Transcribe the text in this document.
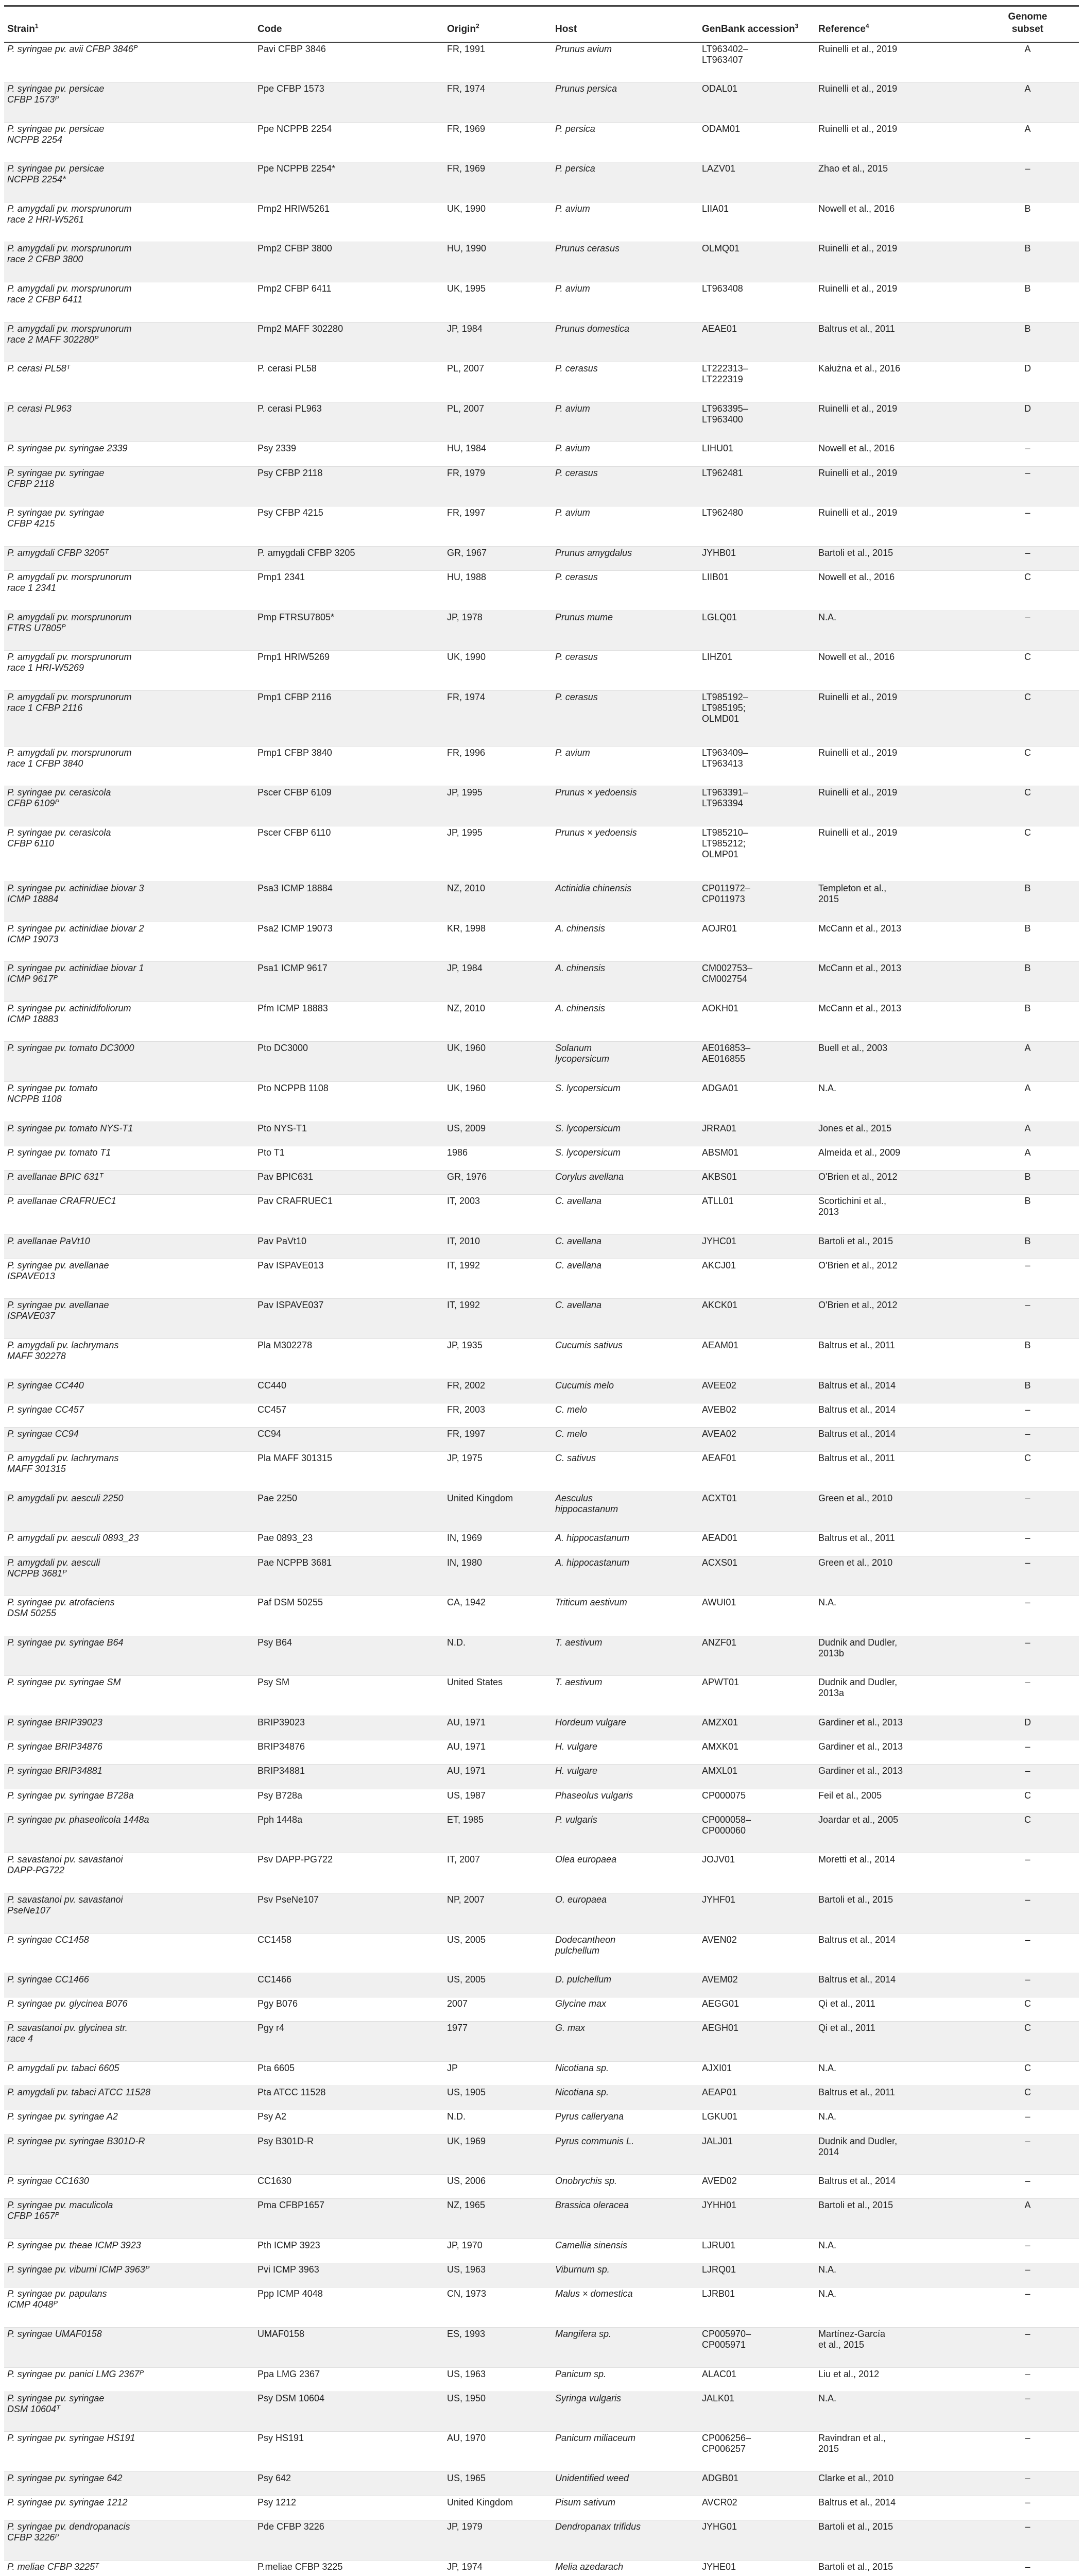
Strain$^1$	Code	Origin$^2$	Host	GenBank accession$^3$	Reference$^4$	Genome
subset
P. syringae pv. avii CFBP 3846ᴾ	Pavi CFBP 3846	FR, 1991	Prunus avium	LT963402–
LT963407	Ruinelli et al., 2019	A
P. syringae pv. persicae
CFBP 1573ᴾ	Ppe CFBP 1573	FR, 1974	Prunus persica	ODAL01	Ruinelli et al., 2019	A
P. syringae pv. persicae
NCPPB 2254	Ppe NCPPB 2254	FR, 1969	P. persica	ODAM01	Ruinelli et al., 2019	A
P. syringae pv. persicae
NCPPB 2254*	Ppe NCPPB 2254*	FR, 1969	P. persica	LAZV01	Zhao et al., 2015	–
P. amygdali pv. morsprunorum
race 2 HRI-W5261	Pmp2 HRIW5261	UK, 1990	P. avium	LIIA01	Nowell et al., 2016	B
P. amygdali pv. morsprunorum
race 2 CFBP 3800	Pmp2 CFBP 3800	HU, 1990	Prunus cerasus	OLMQ01	Ruinelli et al., 2019	B
P. amygdali pv. morsprunorum
race 2 CFBP 6411	Pmp2 CFBP 6411	UK, 1995	P. avium	LT963408	Ruinelli et al., 2019	B
P. amygdali pv. morsprunorum
race 2 MAFF 302280ᴾ	Pmp2 MAFF 302280	JP, 1984	Prunus domestica	AEAE01	Baltrus et al., 2011	B
P. cerasi PL58ᵀ	P. cerasi PL58	PL, 2007	P. cerasus	LT222313–
LT222319	Kałużna et al., 2016	D
P. cerasi PL963	P. cerasi PL963	PL, 2007	P. avium	LT963395–
LT963400	Ruinelli et al., 2019	D
P. syringae pv. syringae 2339	Psy 2339	HU, 1984	P. avium	LIHU01	Nowell et al., 2016	–
P. syringae pv. syringae
CFBP 2118	Psy CFBP 2118	FR, 1979	P. cerasus	LT962481	Ruinelli et al., 2019	–
P. syringae pv. syringae
CFBP 4215	Psy CFBP 4215	FR, 1997	P. avium	LT962480	Ruinelli et al., 2019	–
P. amygdali CFBP 3205ᵀ	P. amygdali CFBP 3205	GR, 1967	Prunus amygdalus	JYHB01	Bartoli et al., 2015	–
P. amygdali pv. morsprunorum
race 1 2341	Pmp1 2341	HU, 1988	P. cerasus	LIIB01	Nowell et al., 2016	C
P. amygdali pv. morsprunorum
FTRS U7805ᴾ	Pmp FTRSU7805*	JP, 1978	Prunus mume	LGLQ01	N.A.	–
P. amygdali pv. morsprunorum
race 1 HRI-W5269	Pmp1 HRIW5269	UK, 1990	P. cerasus	LIHZ01	Nowell et al., 2016	C
P. amygdali pv. morsprunorum
race 1 CFBP 2116	Pmp1 CFBP 2116	FR, 1974	P. cerasus	LT985192–
LT985195;
OLMD01	Ruinelli et al., 2019	C
P. amygdali pv. morsprunorum
race 1 CFBP 3840	Pmp1 CFBP 3840	FR, 1996	P. avium	LT963409–
LT963413	Ruinelli et al., 2019	C
P. syringae pv. cerasicola
CFBP 6109ᴾ	Pscer CFBP 6109	JP, 1995	Prunus × yedoensis	LT963391–
LT963394	Ruinelli et al., 2019	C
P. syringae pv. cerasicola
CFBP 6110	Pscer CFBP 6110	JP, 1995	Prunus × yedoensis	LT985210–
LT985212;
OLMP01	Ruinelli et al., 2019	C
P. syringae pv. actinidiae biovar 3
ICMP 18884	Psa3 ICMP 18884	NZ, 2010	Actinidia chinensis	CP011972–
CP011973	Templeton et al.,
2015	B
P. syringae pv. actinidiae biovar 2
ICMP 19073	Psa2 ICMP 19073	KR, 1998	A. chinensis	AOJR01	McCann et al., 2013	B
P. syringae pv. actinidiae biovar 1
ICMP 9617ᴾ	Psa1 ICMP 9617	JP, 1984	A. chinensis	CM002753–
CM002754	McCann et al., 2013	B
P. syringae pv. actinidifoliorum
ICMP 18883	Pfm ICMP 18883	NZ, 2010	A. chinensis	AOKH01	McCann et al., 2013	B
P. syringae pv. tomato DC3000	Pto DC3000	UK, 1960	Solanum
lycopersicum	AE016853–
AE016855	Buell et al., 2003	A
P. syringae pv. tomato
NCPPB 1108	Pto NCPPB 1108	UK, 1960	S. lycopersicum	ADGA01	N.A.	A
P. syringae pv. tomato NYS-T1	Pto NYS-T1	US, 2009	S. lycopersicum	JRRA01	Jones et al., 2015	A
P. syringae pv. tomato T1	Pto T1	1986	S. lycopersicum	ABSM01	Almeida et al., 2009	A
P. avellanae BPIC 631ᵀ	Pav BPIC631	GR, 1976	Corylus avellana	AKBS01	O'Brien et al., 2012	B
P. avellanae CRAFRUEC1	Pav CRAFRUEC1	IT, 2003	C. avellana	ATLL01	Scortichini et al.,
2013	B
P. avellanae PaVt10	Pav PaVt10	IT, 2010	C. avellana	JYHC01	Bartoli et al., 2015	B
P. syringae pv. avellanae
ISPAVE013	Pav ISPAVE013	IT, 1992	C. avellana	AKCJ01	O'Brien et al., 2012	–
P. syringae pv. avellanae
ISPAVE037	Pav ISPAVE037	IT, 1992	C. avellana	AKCK01	O'Brien et al., 2012	–
P. amygdali pv. lachrymans
MAFF 302278	Pla M302278	JP, 1935	Cucumis sativus	AEAM01	Baltrus et al., 2011	B
P. syringae CC440	CC440	FR, 2002	Cucumis melo	AVEE02	Baltrus et al., 2014	B
P. syringae CC457	CC457	FR, 2003	C. melo	AVEB02	Baltrus et al., 2014	–
P. syringae CC94	CC94	FR, 1997	C. melo	AVEA02	Baltrus et al., 2014	–
P. amygdali pv. lachrymans
MAFF 301315	Pla MAFF 301315	JP, 1975	C. sativus	AEAF01	Baltrus et al., 2011	C
P. amygdali pv. aesculi 2250	Pae 2250	United Kingdom	Aesculus
hippocastanum	ACXT01	Green et al., 2010	–
P. amygdali pv. aesculi 0893_23	Pae 0893_23	IN, 1969	A. hippocastanum	AEAD01	Baltrus et al., 2011	–
P. amygdali pv. aesculi
NCPPB 3681ᴾ	Pae NCPPB 3681	IN, 1980	A. hippocastanum	ACXS01	Green et al., 2010	–
P. syringae pv. atrofaciens
DSM 50255	Paf DSM 50255	CA, 1942	Triticum aestivum	AWUI01	N.A.	–
P. syringae pv. syringae B64	Psy B64	N.D.	T. aestivum	ANZF01	Dudnik and Dudler,
2013b	–
P. syringae pv. syringae SM	Psy SM	United States	T. aestivum	APWT01	Dudnik and Dudler,
2013a	–
P. syringae BRIP39023	BRIP39023	AU, 1971	Hordeum vulgare	AMZX01	Gardiner et al., 2013	D
P. syringae BRIP34876	BRIP34876	AU, 1971	H. vulgare	AMXK01	Gardiner et al., 2013	–
P. syringae BRIP34881	BRIP34881	AU, 1971	H. vulgare	AMXL01	Gardiner et al., 2013	–
P. syringae pv. syringae B728a	Psy B728a	US, 1987	Phaseolus vulgaris	CP000075	Feil et al., 2005	C
P. syringae pv. phaseolicola 1448a	Pph 1448a	ET, 1985	P. vulgaris	CP000058–
CP000060	Joardar et al., 2005	C
P. savastanoi pv. savastanoi
DAPP-PG722	Psv DAPP-PG722	IT, 2007	Olea europaea	JOJV01	Moretti et al., 2014	–
P. savastanoi pv. savastanoi
PseNe107	Psv PseNe107	NP, 2007	O. europaea	JYHF01	Bartoli et al., 2015	–
P. syringae CC1458	CC1458	US, 2005	Dodecantheon
pulchellum	AVEN02	Baltrus et al., 2014	–
P. syringae CC1466	CC1466	US, 2005	D. pulchellum	AVEM02	Baltrus et al., 2014	–
P. syringae pv. glycinea B076	Pgy B076	2007	Glycine max	AEGG01	Qi et al., 2011	C
P. savastanoi pv. glycinea str.
race 4	Pgy r4	1977	G. max	AEGH01	Qi et al., 2011	C
P. amygdali pv. tabaci 6605	Pta 6605	JP	Nicotiana sp.	AJXI01	N.A.	C
P. amygdali pv. tabaci ATCC 11528	Pta ATCC 11528	US, 1905	Nicotiana sp.	AEAP01	Baltrus et al., 2011	C
P. syringae pv. syringae A2	Psy A2	N.D.	Pyrus calleryana	LGKU01	N.A.	–
P. syringae pv. syringae B301D-R	Psy B301D-R	UK, 1969	Pyrus communis L.	JALJ01	Dudnik and Dudler,
2014	–
P. syringae CC1630	CC1630	US, 2006	Onobrychis sp.	AVED02	Baltrus et al., 2014	–
P. syringae pv. maculicola
CFBP 1657ᴾ	Pma CFBP1657	NZ, 1965	Brassica oleracea	JYHH01	Bartoli et al., 2015	A
P. syringae pv. theae ICMP 3923	Pth ICMP 3923	JP, 1970	Camellia sinensis	LJRU01	N.A.	–
P. syringae pv. viburni ICMP 3963ᴾ	Pvi ICMP 3963	US, 1963	Viburnum sp.	LJRQ01	N.A.	–
P. syringae pv. papulans
ICMP 4048ᴾ	Ppp ICMP 4048	CN, 1973	Malus × domestica	LJRB01	N.A.	–
P. syringae UMAF0158	UMAF0158	ES, 1993	Mangifera sp.	CP005970–
CP005971	Martínez-García
et al., 2015	–
P. syringae pv. panici LMG 2367ᴾ	Ppa LMG 2367	US, 1963	Panicum sp.	ALAC01	Liu et al., 2012	–
P. syringae pv. syringae
DSM 10604ᵀ	Psy DSM 10604	US, 1950	Syringa vulgaris	JALK01	N.A.	–
P. syringae pv. syringae HS191	Psy HS191	AU, 1970	Panicum miliaceum	CP006256–
CP006257	Ravindran et al.,
2015	–
P. syringae pv. syringae 642	Psy 642	US, 1965	Unidentified weed	ADGB01	Clarke et al., 2010	–
P. syringae pv. syringae 1212	Psy 1212	United Kingdom	Pisum sativum	AVCR02	Baltrus et al., 2014	–
P. syringae pv. dendropanacis
CFBP 3226ᴾ	Pde CFBP 3226	JP, 1979	Dendropanax trifidus	JYHG01	Bartoli et al., 2015	–
P. meliae CFBP 3225ᵀ	P.meliae CFBP 3225	JP, 1974	Melia azedarach	JYHE01	Bartoli et al., 2015	–
